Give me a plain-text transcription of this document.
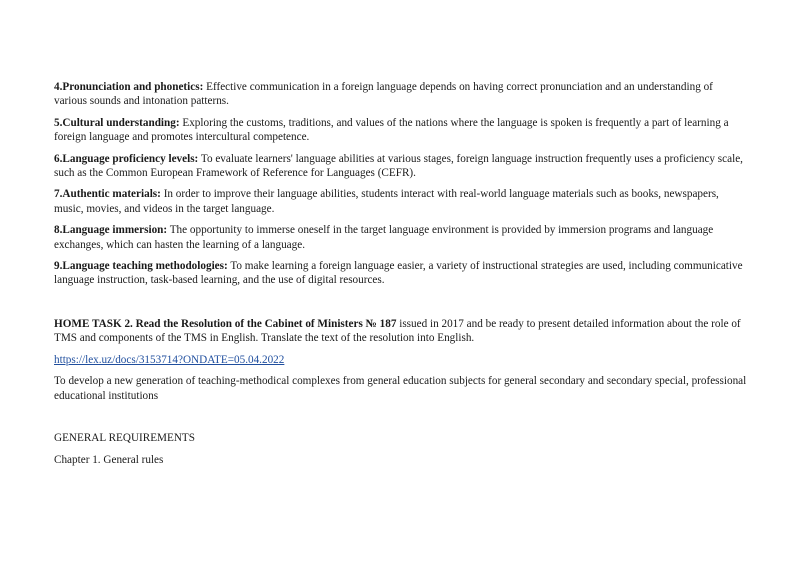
4.Pronunciation and phonetics: Effective communication in a foreign language depends on having correct pronunciation and an understanding of various sounds and intonation patterns.

5.Cultural understanding: Exploring the customs, traditions, and values of the nations where the language is spoken is frequently a part of learning a foreign language and promotes intercultural competence.

6.Language proficiency levels: To evaluate learners' language abilities at various stages, foreign language instruction frequently uses a proficiency scale, such as the Common European Framework of Reference for Languages (CEFR).

7.Authentic materials: In order to improve their language abilities, students interact with real-world language materials such as books, newspapers, music, movies, and videos in the target language.

8.Language immersion: The opportunity to immerse oneself in the target language environment is provided by immersion programs and language exchanges, which can hasten the learning of a language.

9.Language teaching methodologies: To make learning a foreign language easier, a variety of instructional strategies are used, including communicative language instruction, task-based learning, and the use of digital resources.

HOME TASK 2. Read the Resolution of the Cabinet of Ministers № 187 issued in 2017 and be ready to present detailed information about the role of TMS and components of the TMS in English. Translate the text of the resolution into English.

https://lex.uz/docs/3153714?ONDATE=05.04.2022

To develop a new generation of teaching-methodical complexes from general education subjects for general secondary and secondary special, professional educational institutions

GENERAL REQUIREMENTS

Chapter 1. General rules
